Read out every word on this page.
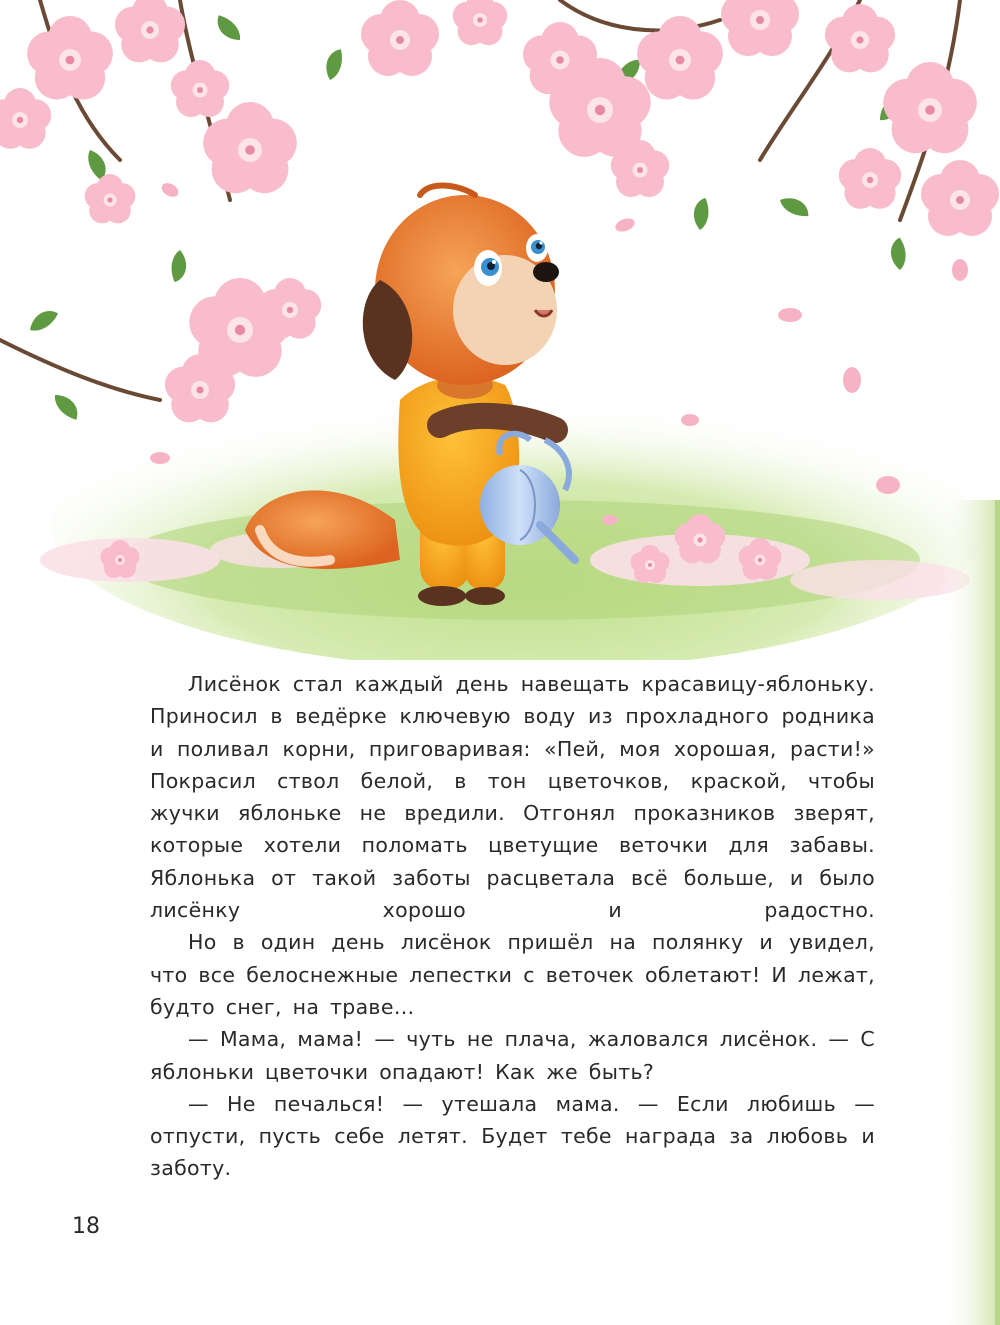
Лисёнок стал каждый день навещать красавицу-яблоньку. Приносил в ведёрке ключевую воду из прохладного родника и поливал корни, приговаривая: «Пей, моя хорошая, расти!» Покрасил ствол белой, в тон цветочков, краской, чтобы жучки яблоньке не вредили. Отгонял проказников зверят, которые хотели поломать цветущие веточки для забавы. Яблонька от такой заботы расцветала всё больше, и было лисёнку хорошо и радостно.

Но в один день лисёнок пришёл на полянку и увидел, что все белоснежные лепестки с веточек облетают! И лежат, будто снег, на траве…

— Мама, мама! — чуть не плача, жаловался лисёнок. — С яблоньки цветочки опадают! Как же быть?

— Не печалься! — утешала мама. — Если любишь — отпусти, пусть себе летят. Будет тебе награда за любовь и заботу.

18
